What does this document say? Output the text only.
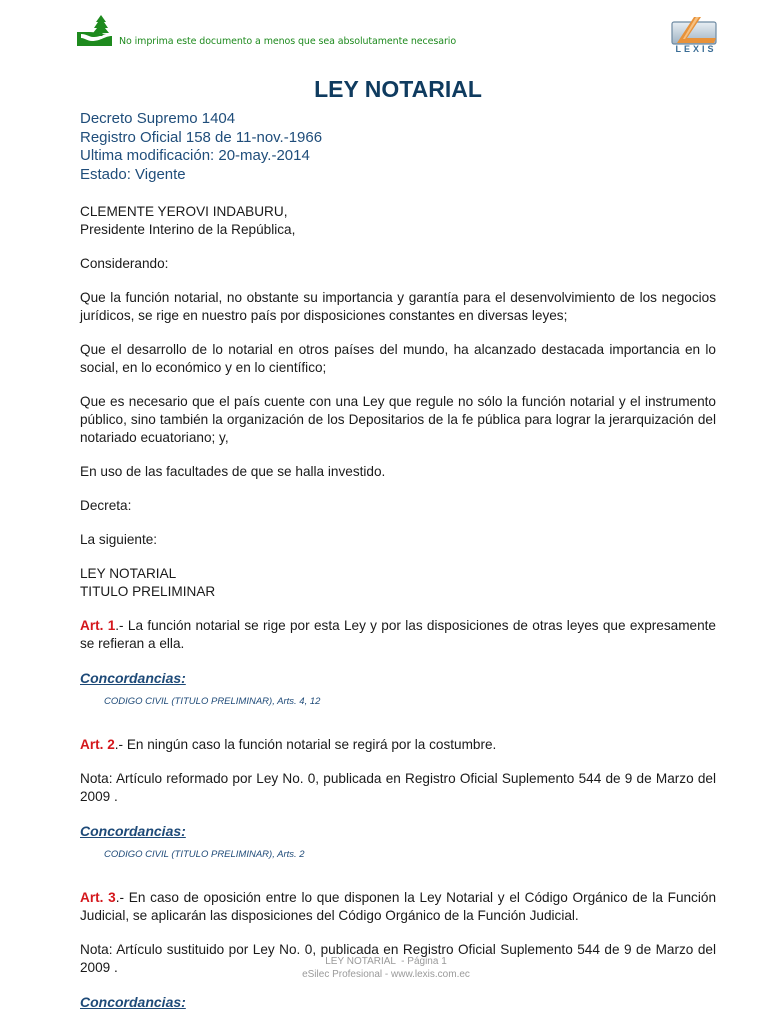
No imprima este documento a menos que sea absolutamente necesario
LEXIS
LEY NOTARIAL
Decreto Supremo 1404
Registro Oficial 158 de 11-nov.-1966
Ultima modificación: 20-may.-2014
Estado: Vigente

CLEMENTE YEROVI INDABURU,
Presidente Interino de la República,

Considerando:

Que la función notarial, no obstante su importancia y garantía para el desenvolvimiento de los negocios jurídicos, se rige en nuestro país por disposiciones constantes en diversas leyes;

Que el desarrollo de lo notarial en otros países del mundo, ha alcanzado destacada importancia en lo social, en lo económico y en lo científico;

Que es necesario que el país cuente con una Ley que regule no sólo la función notarial y el instrumento público, sino también la organización de los Depositarios de la fe pública para lograr la jerarquización del notariado ecuatoriano; y,

En uso de las facultades de que se halla investido.

Decreta:

La siguiente:

LEY NOTARIAL
TITULO PRELIMINAR

Art. 1.- La función notarial se rige por esta Ley y por las disposiciones de otras leyes que expresamente se refieran a ella.

Concordancias:

CODIGO CIVIL (TITULO PRELIMINAR), Arts. 4, 12

Art. 2.- En ningún caso la función notarial se regirá por la costumbre.

Nota: Artículo reformado por Ley No. 0, publicada en Registro Oficial Suplemento 544 de 9 de Marzo del 2009 .

Concordancias:

CODIGO CIVIL (TITULO PRELIMINAR), Arts. 2

Art. 3.- En caso de oposición entre lo que disponen la Ley Notarial y el Código Orgánico de la Función Judicial, se aplicarán las disposiciones del Código Orgánico de la Función Judicial.

Nota: Artículo sustituido por Ley No. 0, publicada en Registro Oficial Suplemento 544 de 9 de Marzo del 2009 .

Concordancias:

LEY NOTARIAL  - Página 1
eSilec Profesional - www.lexis.com.ec
